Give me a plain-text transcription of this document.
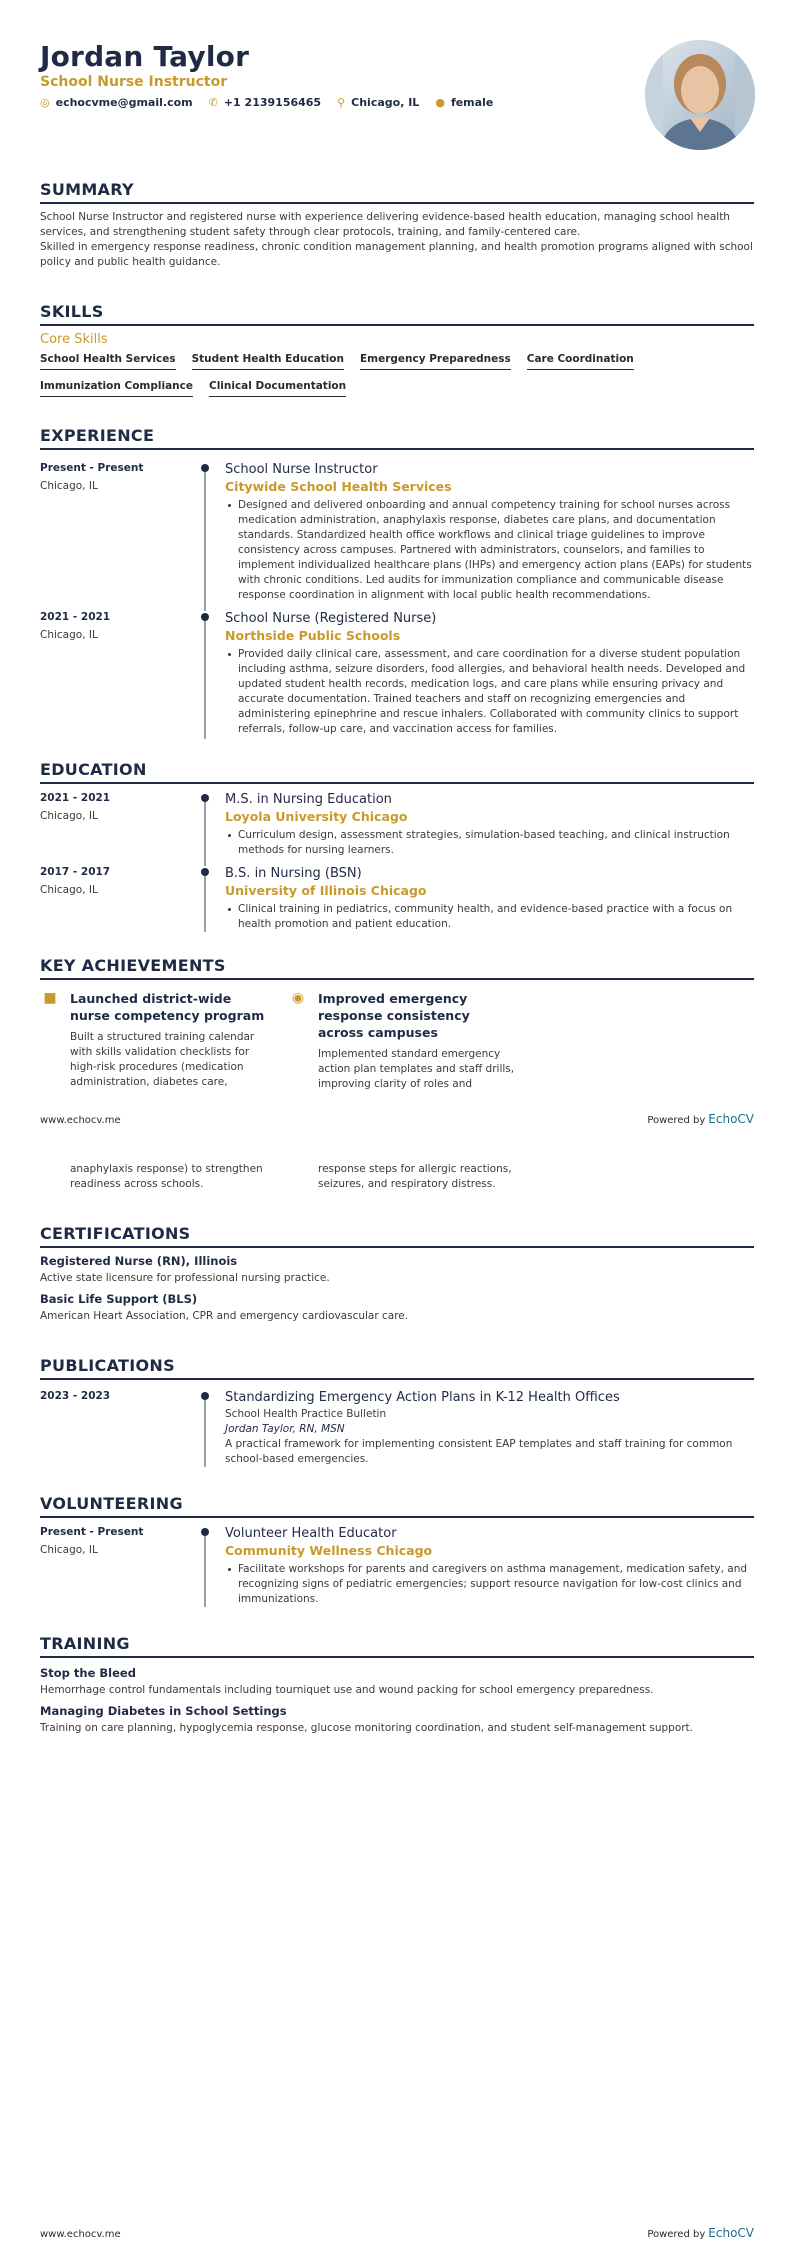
Jordan Taylor
School Nurse Instructor
◎ echocvme@gmail.com ✆ +1 2139156465 ⚲ Chicago, IL ● female
SUMMARY

School Nurse Instructor and registered nurse with experience delivering evidence-based health education, managing school health services, and strengthening student safety through clear protocols, training, and family-centered care.

Skilled in emergency response readiness, chronic condition management planning, and health promotion programs aligned with school policy and public health guidance.

SKILLS
Core Skills
School Health Services Student Health Education Emergency Preparedness Care Coordination
Immunization Compliance Clinical Documentation
EXPERIENCE
Present - Present
Chicago, IL
School Nurse Instructor
Citywide School Health Services
Designed and delivered onboarding and annual competency training for school nurses across medication administration, anaphylaxis response, diabetes care plans, and documentation standards. Standardized health office workflows and clinical triage guidelines to improve consistency across campuses. Partnered with administrators, counselors, and families to implement individualized healthcare plans (IHPs) and emergency action plans (EAPs) for students with chronic conditions. Led audits for immunization compliance and communicable disease response coordination in alignment with local public health recommendations.
2021 - 2021
Chicago, IL
School Nurse (Registered Nurse)
Northside Public Schools
Provided daily clinical care, assessment, and care coordination for a diverse student population including asthma, seizure disorders, food allergies, and behavioral health needs. Developed and updated student health records, medication logs, and care plans while ensuring privacy and accurate documentation. Trained teachers and staff on recognizing emergencies and administering epinephrine and rescue inhalers. Collaborated with community clinics to support referrals, follow-up care, and vaccination access for families.
EDUCATION
2021 - 2021
Chicago, IL
M.S. in Nursing Education
Loyola University Chicago
Curriculum design, assessment strategies, simulation-based teaching, and clinical instruction methods for nursing learners.
2017 - 2017
Chicago, IL
B.S. in Nursing (BSN)
University of Illinois Chicago
Clinical training in pediatrics, community health, and evidence-based practice with a focus on health promotion and patient education.
KEY ACHIEVEMENTS
■ Launched district-wide nurse competency program
Built a structured training calendar with skills validation checklists for high-risk procedures (medication administration, diabetes care,
◉	Improved emergency response consistency across campuses
Implemented standard emergency action plan templates and staff drills, improving clarity of roles and
www.echocv.me	Powered by EchoCV
anaphylaxis response) to strengthen readiness across schools.
response steps for allergic reactions, seizures, and respiratory distress.
CERTIFICATIONS
Registered Nurse (RN), Illinois
Active state licensure for professional nursing practice.
Basic Life Support (BLS)
American Heart Association, CPR and emergency cardiovascular care.
PUBLICATIONS
2023 - 2023	Standardizing Emergency Action Plans in K-12 Health Offices
School Health Practice Bulletin
Jordan Taylor, RN, MSN
A practical framework for implementing consistent EAP templates and staff training for common school-based emergencies.
VOLUNTEERING
Present - Present
Chicago, IL
Volunteer Health Educator
Community Wellness Chicago
Facilitate workshops for parents and caregivers on asthma management, medication safety, and recognizing signs of pediatric emergencies; support resource navigation for low-cost clinics and immunizations.
TRAINING
Stop the Bleed
Hemorrhage control fundamentals including tourniquet use and wound packing for school emergency preparedness.
Managing Diabetes in School Settings
Training on care planning, hypoglycemia response, glucose monitoring coordination, and student self-management support.
www.echocv.me	Powered by EchoCV
